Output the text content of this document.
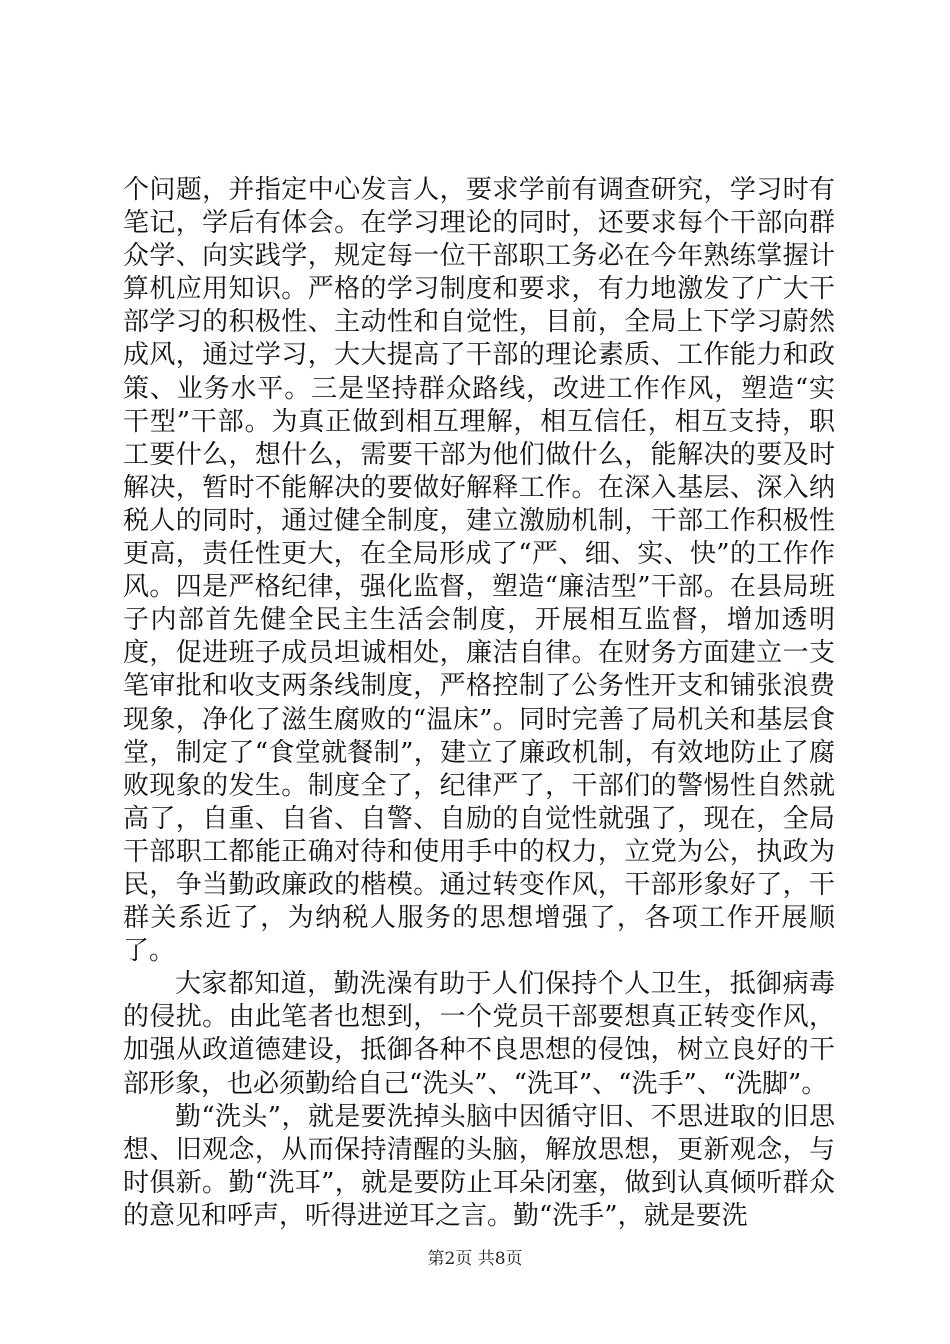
个问题，并指定中心发言人，要求学前有调查研究，学习时有笔记，学后有体会。在学习理论的同时，还要求每个干部向群众学、向实践学，规定每一位干部职工务必在今年熟练掌握计算机应用知识。严格的学习制度和要求，有力地激发了广大干部学习的积极性、主动性和自觉性，目前，全局上下学习蔚然成风，通过学习，大大提高了干部的理论素质、工作能力和政策、业务水平。三是坚持群众路线，改进工作作风，塑造“实干型”干部。为真正做到相互理解，相互信任，相互支持，职工要什么，想什么，需要干部为他们做什么，能解决的要及时解决，暂时不能解决的要做好解释工作。在深入基层、深入纳税人的同时，通过健全制度，建立激励机制，干部工作积极性更高，责任性更大，在全局形成了“严、细、实、快”的工作作风。四是严格纪律，强化监督，塑造“廉洁型”干部。在县局班子内部首先健全民主生活会制度，开展相互监督，增加透明度，促进班子成员坦诚相处，廉洁自律。在财务方面建立一支笔审批和收支两条线制度，严格控制了公务性开支和铺张浪费现象，净化了滋生腐败的“温床”。同时完善了局机关和基层食堂，制定了“食堂就餐制”，建立了廉政机制，有效地防止了腐败现象的发生。制度全了，纪律严了，干部们的警惕性自然就高了，自重、自省、自警、自励的自觉性就强了，现在，全局干部职工都能正确对待和使用手中的权力，立党为公，执政为民，争当勤政廉政的楷模。通过转变作风，干部形象好了，干群关系近了，为纳税人服务的思想增强了，各项工作开展顺了。

大家都知道，勤洗澡有助于人们保持个人卫生，抵御病毒的侵扰。由此笔者也想到，一个党员干部要想真正转变作风，加强从政道德建设，抵御各种不良思想的侵蚀，树立良好的干部形象，也必须勤给自己“洗头”、“洗耳”、“洗手”、“洗脚”。

勤“洗头”，就是要洗掉头脑中因循守旧、不思进取的旧思想、旧观念，从而保持清醒的头脑，解放思想，更新观念，与时俱新。勤“洗耳”，就是要防止耳朵闭塞，做到认真倾听群众的意见和呼声，听得进逆耳之言。勤“洗手”，就是要洗

第2页 共8页
